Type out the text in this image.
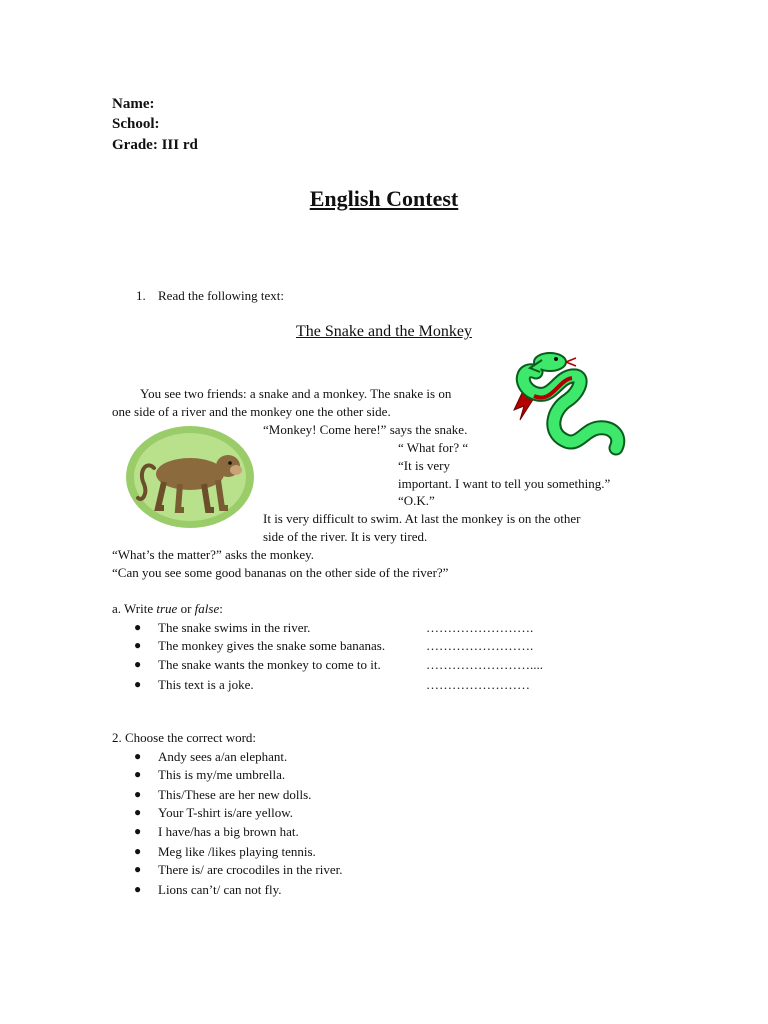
Name:
School:
Grade: III rd
English Contest
1. Read the following text:
The Snake and the Monkey
You see two friends: a snake and a monkey. The snake is on
one side of a river and the monkey one the other side.
“Monkey! Come here!” says the snake.
“ What for? “
“It is very
important. I want to tell you something.”
“O.K.”
It is very difficult to swim. At last the monkey is on the other
side of the river. It is very tired.
“What’s the matter?” asks the monkey.
“Can you see some good bananas on the other side of the river?”
a. Write true or false:
● The snake swims in the river.	…………………….
● The monkey gives the snake some bananas.	…………………….
● The snake wants the monkey to come to it.	……………………....
● This text is a joke.	……………………
2. Choose the correct word:
● Andy sees a/an elephant.
● This is my/me umbrella.
● This/These are her new dolls.
● Your T-shirt is/are yellow.
● I have/has a big brown hat.
● Meg like /likes playing tennis.
● There is/ are crocodiles in the river.
● Lions can’t/ can not fly.
